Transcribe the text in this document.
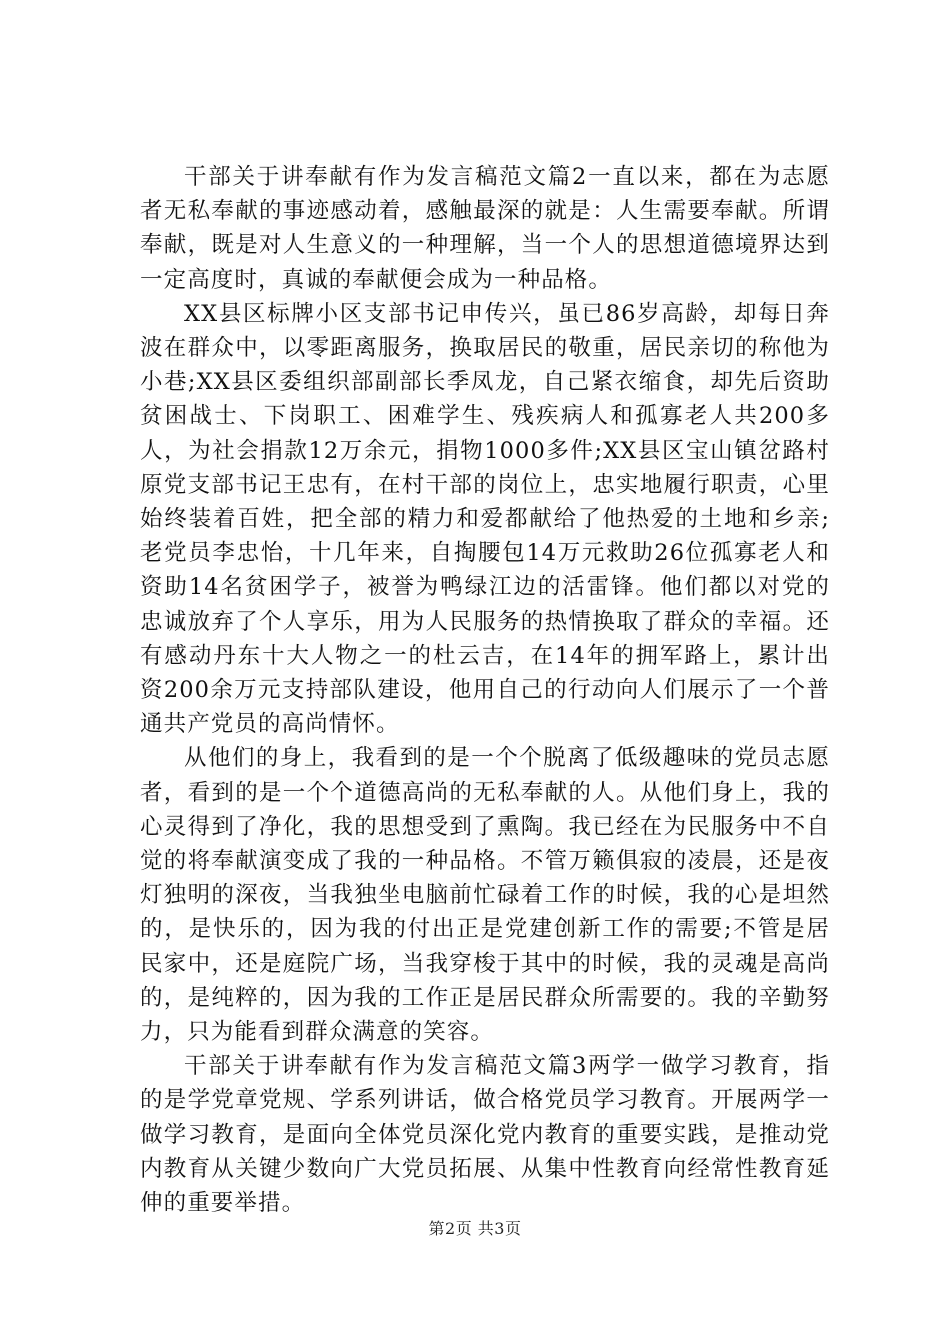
干部关于讲奉献有作为发言稿范文篇2一直以来，都在为志愿者无私奉献的事迹感动着，感触最深的就是：人生需要奉献。所谓奉献，既是对人生意义的一种理解，当一个人的思想道德境界达到一定高度时，真诚的奉献便会成为一种品格。

XX县区标牌小区支部书记申传兴，虽已86岁高龄，却每日奔波在群众中，以零距离服务，换取居民的敬重，居民亲切的称他为小巷;XX县区委组织部副部长季凤龙，自己紧衣缩食，却先后资助贫困战士、下岗职工、困难学生、残疾病人和孤寡老人共200多人，为社会捐款12万余元，捐物1000多件;XX县区宝山镇岔路村原党支部书记王忠有，在村干部的岗位上，忠实地履行职责，心里始终装着百姓，把全部的精力和爱都献给了他热爱的土地和乡亲;老党员李忠怡，十几年来，自掏腰包14万元救助26位孤寡老人和资助14名贫困学子，被誉为鸭绿江边的活雷锋。他们都以对党的忠诚放弃了个人享乐，用为人民服务的热情换取了群众的幸福。还有感动丹东十大人物之一的杜云吉，在14年的拥军路上，累计出资200余万元支持部队建设，他用自己的行动向人们展示了一个普通共产党员的高尚情怀。

从他们的身上，我看到的是一个个脱离了低级趣味的党员志愿者，看到的是一个个道德高尚的无私奉献的人。从他们身上，我的心灵得到了净化，我的思想受到了熏陶。我已经在为民服务中不自觉的将奉献演变成了我的一种品格。不管万籁俱寂的凌晨，还是夜灯独明的深夜，当我独坐电脑前忙碌着工作的时候，我的心是坦然的，是快乐的，因为我的付出正是党建创新工作的需要;不管是居民家中，还是庭院广场，当我穿梭于其中的时候，我的灵魂是高尚的，是纯粹的，因为我的工作正是居民群众所需要的。我的辛勤努力，只为能看到群众满意的笑容。

干部关于讲奉献有作为发言稿范文篇3两学一做学习教育，指的是学党章党规、学系列讲话，做合格党员学习教育。开展两学一做学习教育，是面向全体党员深化党内教育的重要实践，是推动党内教育从关键少数向广大党员拓展、从集中性教育向经常性教育延伸的重要举措。

第2页 共3页
